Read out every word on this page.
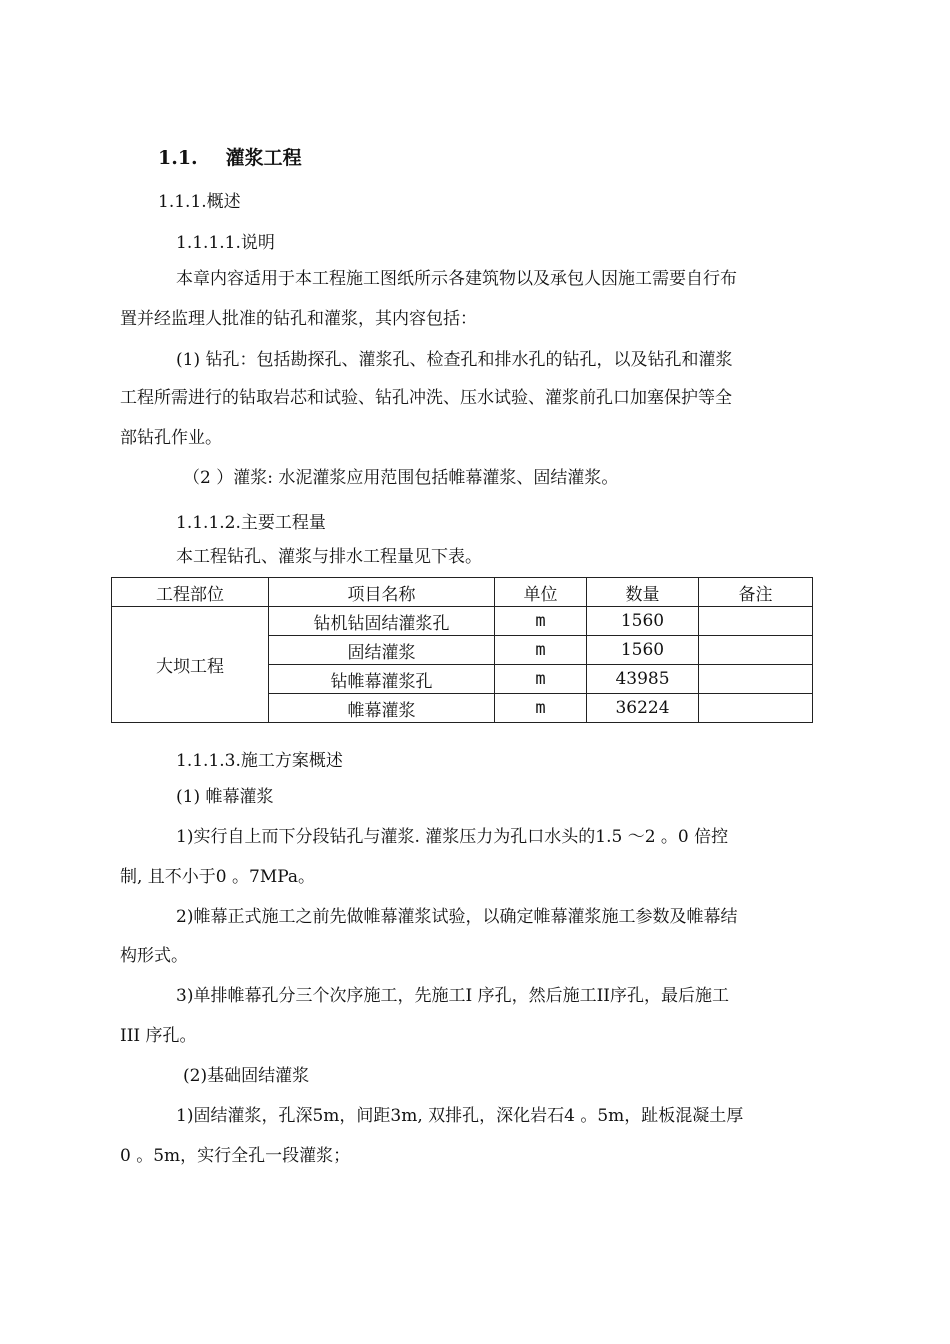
1.1. 灌浆工程
1.1.1.概述
1.1.1.1.说明
本章内容适用于本工程施工图纸所示各建筑物以及承包人因施工需要自行布
置并经监理人批准的钻孔和灌浆，其内容包括：
(1) 钻孔：包括勘探孔、灌浆孔、检查孔和排水孔的钻孔，以及钻孔和灌浆
工程所需进行的钻取岩芯和试验、钻孔冲洗、压水试验、灌浆前孔口加塞保护等全
部钻孔作业。
（2 ）灌浆: 水泥灌浆应用范围包括帷幕灌浆、固结灌浆。
1.1.1.2.主要工程量
本工程钻孔、灌浆与排水工程量见下表。
工程部位	项目名称	单位	数量	备注
大坝工程	钻机钻固结灌浆孔	m	1560	
	固结灌浆	m	1560	
	钻帷幕灌浆孔	m	43985	
	帷幕灌浆	m	36224	
1.1.1.3.施工方案概述
(1) 帷幕灌浆
1)实行自上而下分段钻孔与灌浆. 灌浆压力为孔口水头的1.5 ～2 。0 倍控
制, 且不小于0 。7MPa。
2)帷幕正式施工之前先做帷幕灌浆试验，以确定帷幕灌浆施工参数及帷幕结
构形式。
3)单排帷幕孔分三个次序施工，先施工I 序孔，然后施工II序孔，最后施工
III 序孔。
(2)基础固结灌浆
1)固结灌浆，孔深5m，间距3m, 双排孔，深化岩石4 。5m，趾板混凝土厚
0 。5m，实行全孔一段灌浆；
